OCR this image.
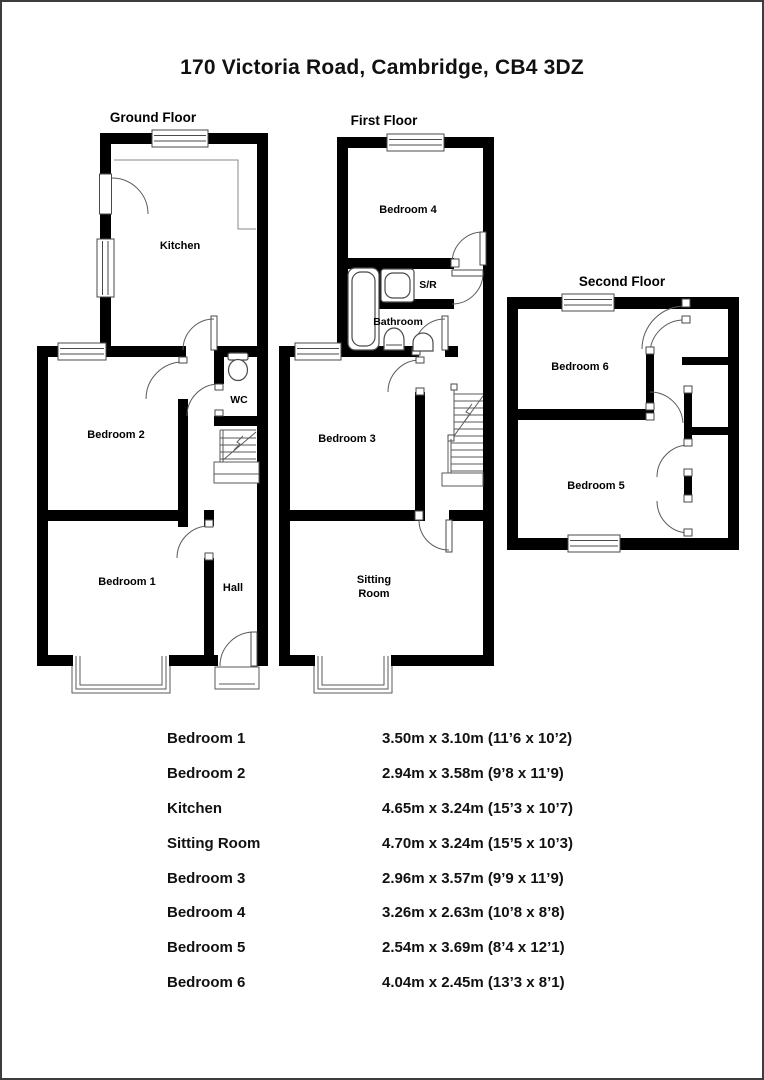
170 Victoria Road, Cambridge, CB4 3DZ
Ground Floor
Kitchen
WC
Bedroom 2
Bedroom 1	Hall
First Floor
Bedroom 4
S/R
Bathroom
Bedroom 3
Sitting
Room
Second Floor
Bedroom 6
Bedroom 5
Bedroom 1	3.50m x 3.10m (11’6 x 10’2)
Bedroom 2	2.94m x 3.58m (9’8 x 11’9)
Kitchen	4.65m x 3.24m (15’3 x 10’7)
Sitting Room	4.70m x 3.24m (15’5 x 10’3)
Bedroom 3	2.96m x 3.57m (9’9 x 11’9)
Bedroom 4	3.26m x 2.63m (10’8 x 8’8)
Bedroom 5	2.54m x 3.69m (8’4 x 12’1)
Bedroom 6	4.04m x 2.45m (13’3 x 8’1)
